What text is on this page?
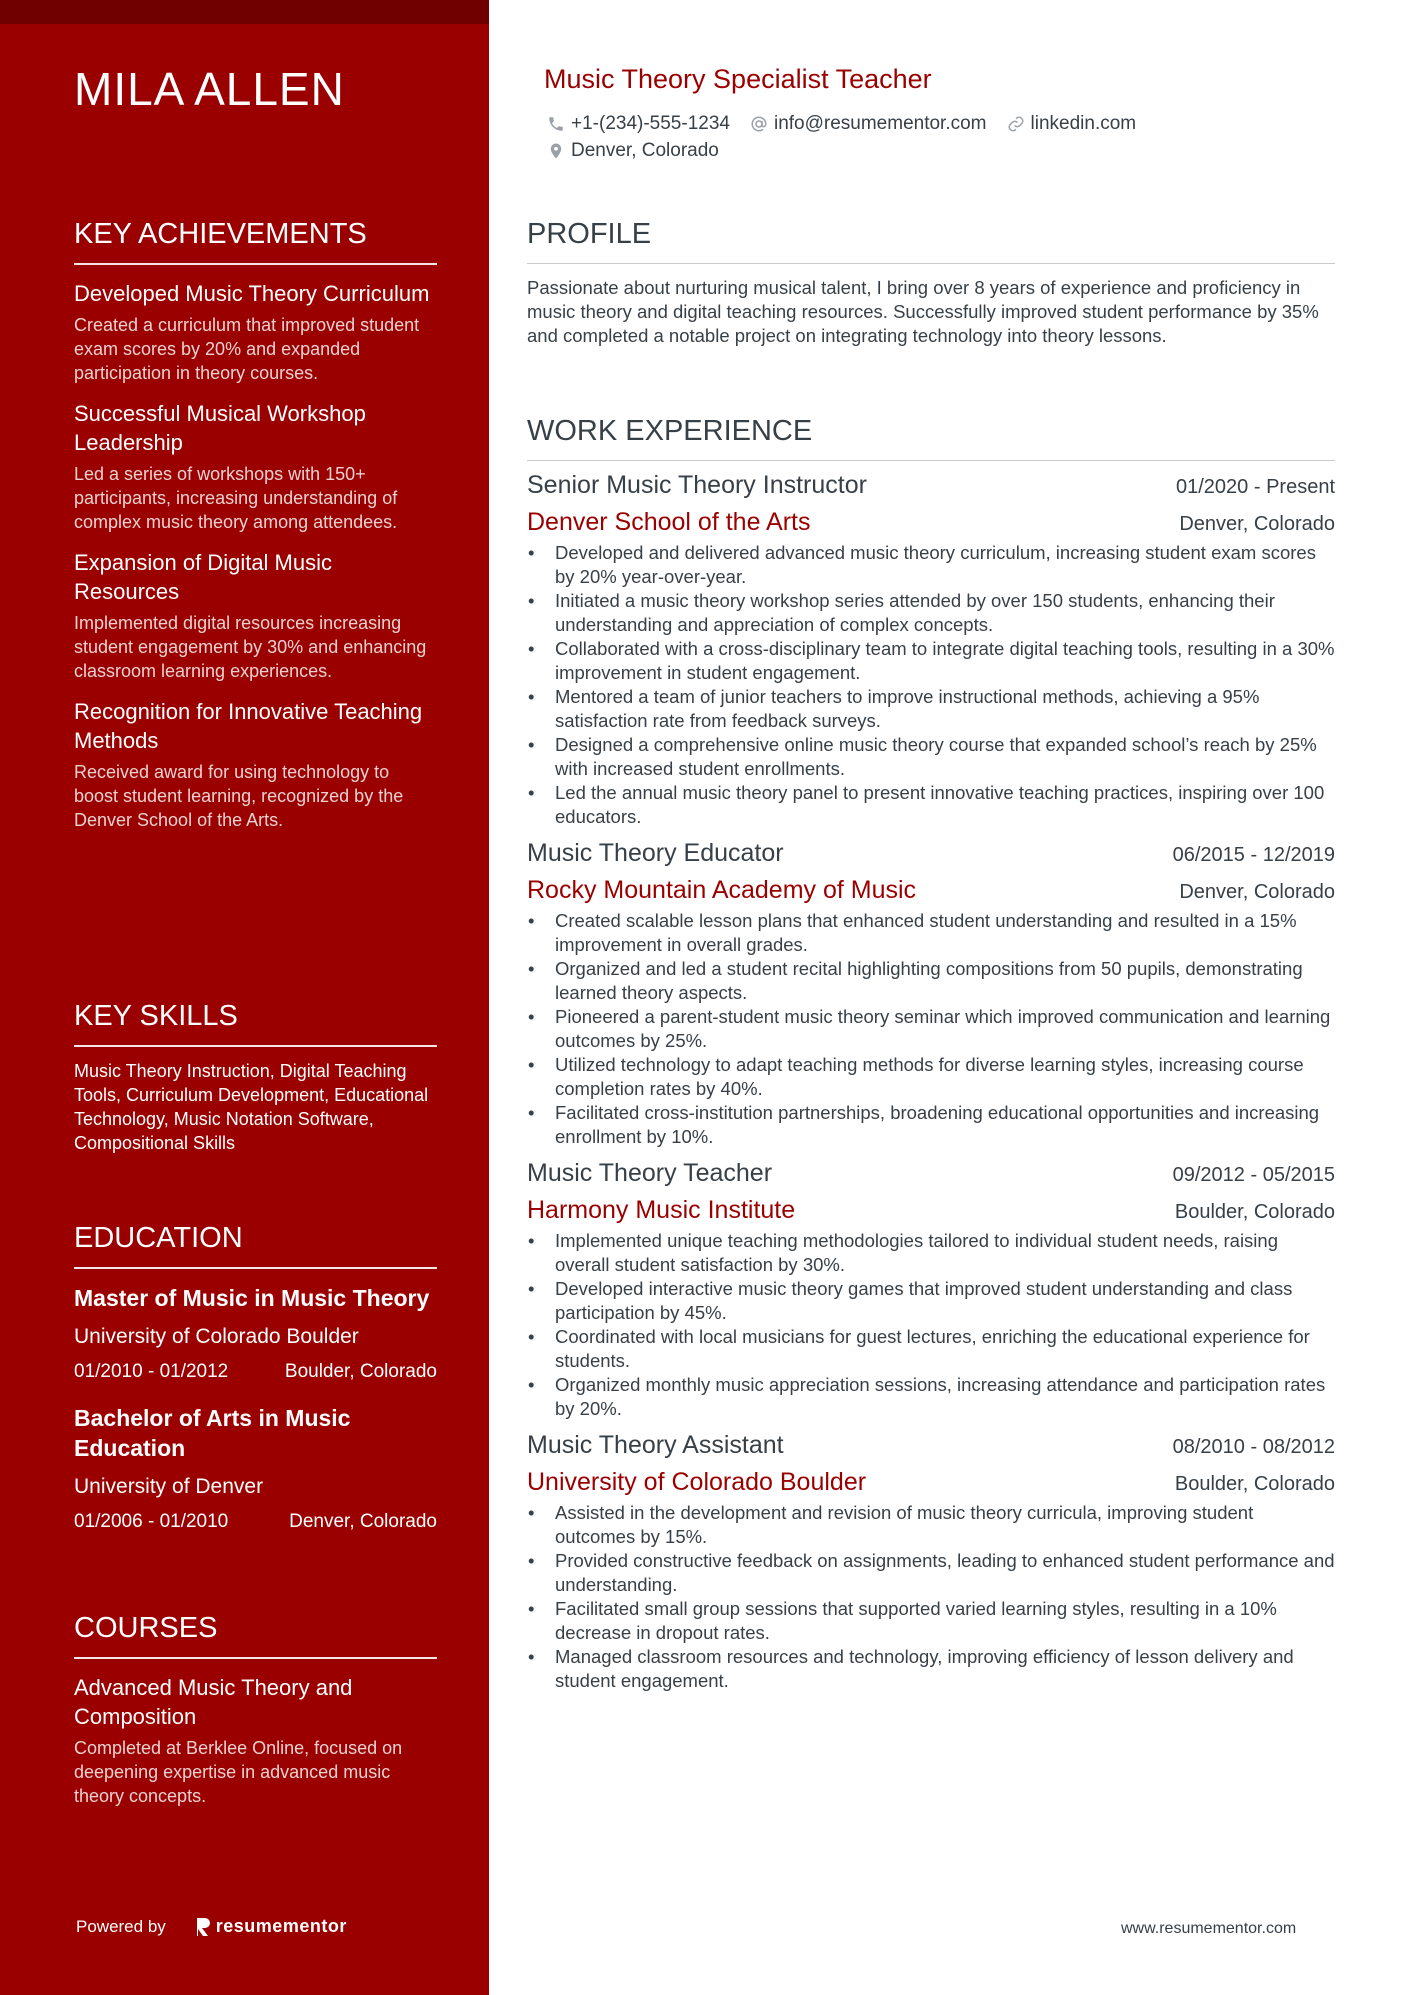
MILA ALLEN
KEY ACHIEVEMENTS
Developed Music Theory Curriculum
Created a curriculum that improved student exam scores by 20% and expanded participation in theory courses.
Successful Musical Workshop Leadership
Led a series of workshops with 150+ participants, increasing understanding of complex music theory among attendees.
Expansion of Digital Music Resources
Implemented digital resources increasing student engagement by 30% and enhancing classroom learning experiences.
Recognition for Innovative Teaching Methods
Received award for using technology to boost student learning, recognized by the Denver School of the Arts.
KEY SKILLS
Music Theory Instruction, Digital Teaching Tools, Curriculum Development, Educational Technology, Music Notation Software, Compositional Skills
EDUCATION
Master of Music in Music Theory
University of Colorado Boulder
01/2010 - 01/2012	Boulder, Colorado
Bachelor of Arts in Music Education
University of Denver
01/2006 - 01/2010	Denver, Colorado
COURSES
Advanced Music Theory and Composition
Completed at Berklee Online, focused on deepening expertise in advanced music theory concepts.
Powered by	resumementor
Music Theory Specialist Teacher
+1-(234)-555-1234 info@resumementor.com linkedin.com
Denver, Colorado
PROFILE
Passionate about nurturing musical talent, I bring over 8 years of experience and proficiency in music theory and digital teaching resources. Successfully improved student performance by 35% and completed a notable project on integrating technology into theory lessons.
WORK EXPERIENCE
Senior Music Theory Instructor	01/2020 - Present
Denver School of the Arts	Denver, Colorado
• Developed and delivered advanced music theory curriculum, increasing student exam scores by 20% year-over-year.
• Initiated a music theory workshop series attended by over 150 students, enhancing their understanding and appreciation of complex concepts.
• Collaborated with a cross-disciplinary team to integrate digital teaching tools, resulting in a 30% improvement in student engagement.
• Mentored a team of junior teachers to improve instructional methods, achieving a 95% satisfaction rate from feedback surveys.
• Designed a comprehensive online music theory course that expanded school’s reach by 25% with increased student enrollments.
• Led the annual music theory panel to present innovative teaching practices, inspiring over 100 educators.
Music Theory Educator	06/2015 - 12/2019
Rocky Mountain Academy of Music	Denver, Colorado
• Created scalable lesson plans that enhanced student understanding and resulted in a 15% improvement in overall grades.
• Organized and led a student recital highlighting compositions from 50 pupils, demonstrating learned theory aspects.
• Pioneered a parent-student music theory seminar which improved communication and learning outcomes by 25%.
• Utilized technology to adapt teaching methods for diverse learning styles, increasing course completion rates by 40%.
• Facilitated cross-institution partnerships, broadening educational opportunities and increasing enrollment by 10%.
Music Theory Teacher	09/2012 - 05/2015
Harmony Music Institute	Boulder, Colorado
• Implemented unique teaching methodologies tailored to individual student needs, raising overall student satisfaction by 30%.
• Developed interactive music theory games that improved student understanding and class participation by 45%.
• Coordinated with local musicians for guest lectures, enriching the educational experience for students.
• Organized monthly music appreciation sessions, increasing attendance and participation rates by 20%.
Music Theory Assistant	08/2010 - 08/2012
University of Colorado Boulder	Boulder, Colorado
• Assisted in the development and revision of music theory curricula, improving student outcomes by 15%.
• Provided constructive feedback on assignments, leading to enhanced student performance and understanding.
• Facilitated small group sessions that supported varied learning styles, resulting in a 10% decrease in dropout rates.
• Managed classroom resources and technology, improving efficiency of lesson delivery and student engagement.
www.resumementor.com
